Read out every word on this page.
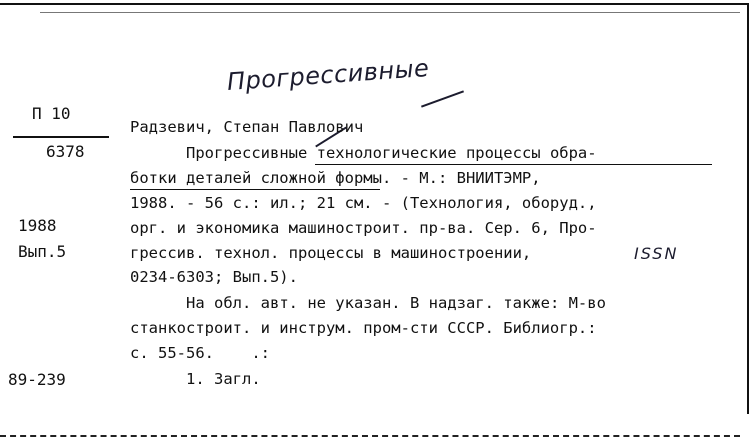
Прогрессивные
П 10
6378
1988
Вып.5
89-239
Радзевич, Степан Павлович
Прогрессивные технологические процессы обра-
ботки деталей сложной формы. - М.: ВНИИТЭМР,
1988. - 56 с.: ил.; 21 см. - (Технология, оборуд.,
орг. и экономика машиностроит. пр-ва. Сер. 6, Про-
грессив. технол. процессы в машиностроении,	ISSN
0234-6303; Вып.5).
На обл. авт. не указан. В надзаг. также: М-во
станкостроит. и инструм. пром-сти СССР. Библиогр.:
с. 55-56.    .:
1. Загл.
